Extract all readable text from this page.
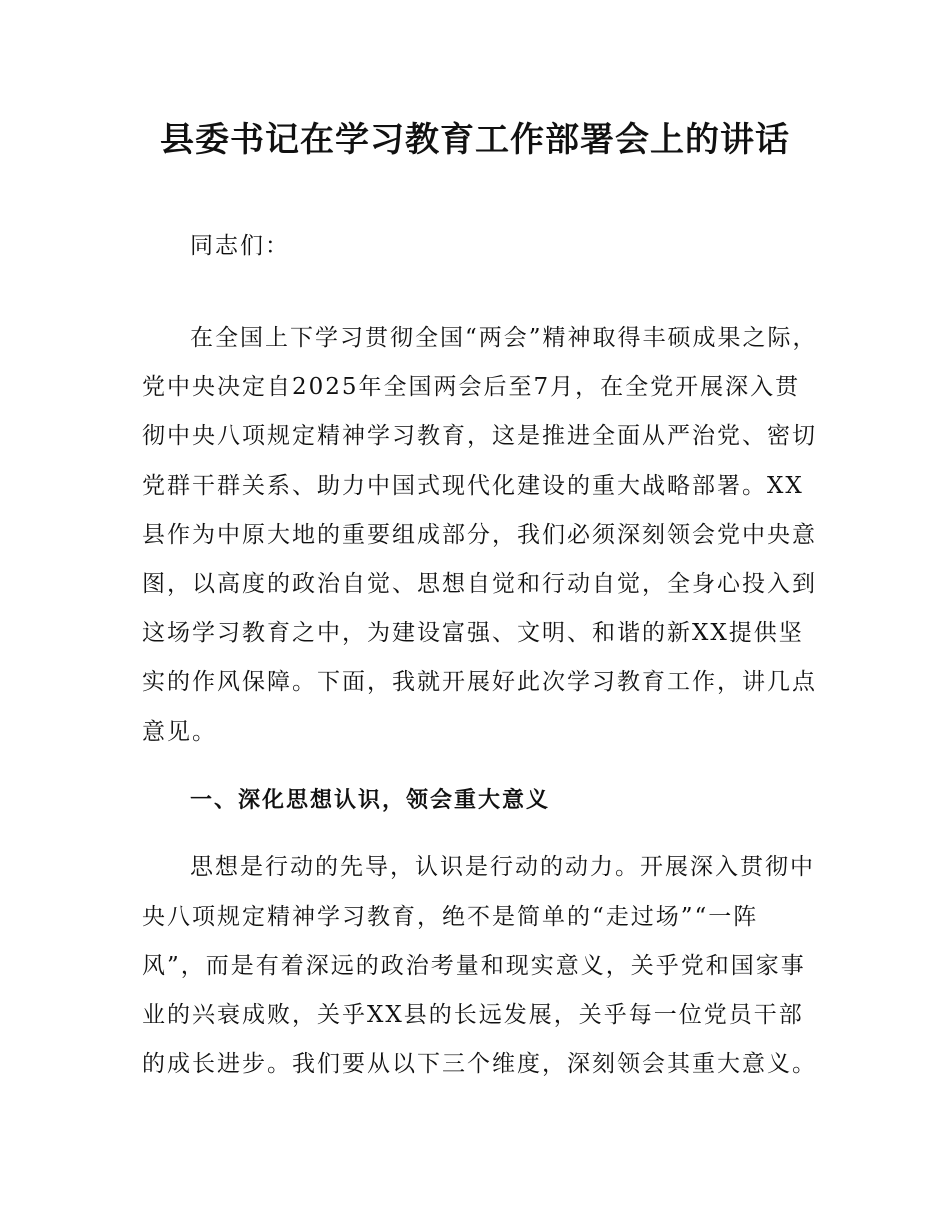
县委书记在学习教育工作部署会上的讲话

同志们：

在全国上下学习贯彻全国“两会”精神取得丰硕成果之际，

党中央决定自2025年全国两会后至7月，在全党开展深入贯

彻中央八项规定精神学习教育，这是推进全面从严治党、密切

党群干群关系、助力中国式现代化建设的重大战略部署。XX

县作为中原大地的重要组成部分，我们必须深刻领会党中央意

图，以高度的政治自觉、思想自觉和行动自觉，全身心投入到

这场学习教育之中，为建设富强、文明、和谐的新XX提供坚

实的作风保障。下面，我就开展好此次学习教育工作，讲几点

意见。

一、深化思想认识，领会重大意义

思想是行动的先导，认识是行动的动力。开展深入贯彻中

央八项规定精神学习教育，绝不是简单的“走过场”“一阵

风”，而是有着深远的政治考量和现实意义，关乎党和国家事

业的兴衰成败，关乎XX县的长远发展，关乎每一位党员干部

的成长进步。我们要从以下三个维度，深刻领会其重大意义。
